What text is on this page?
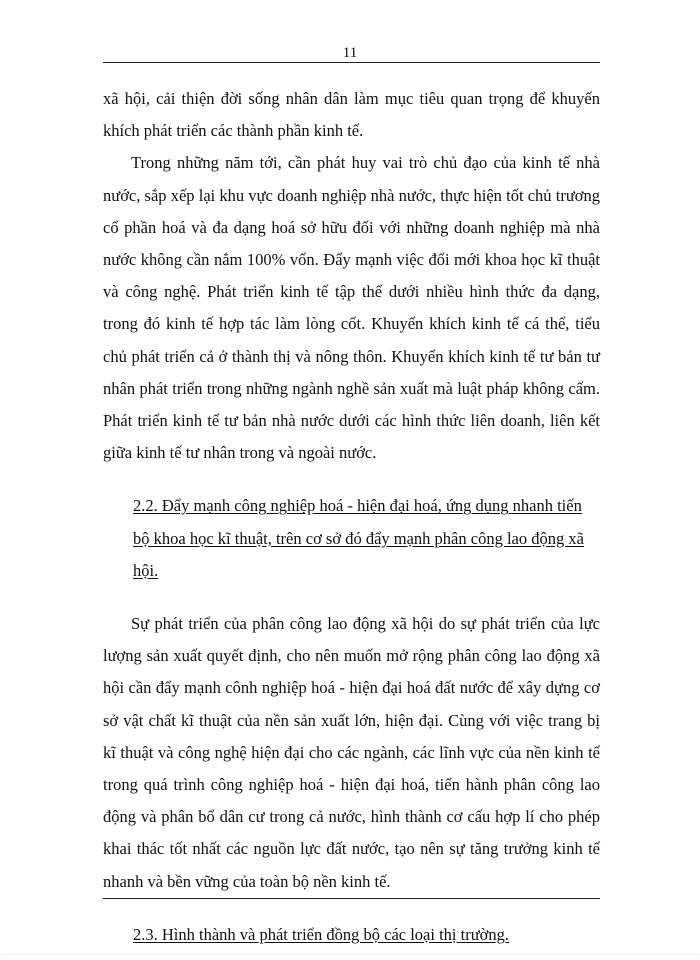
11

xã hội, cải thiện đời sống nhân dân làm mục tiêu quan trọng để khuyến khích phát triển các thành phần kinh tế.

Trong những năm tới, cần phát huy vai trò chủ đạo của kinh tế nhà nước, sắp xếp lại khu vực doanh nghiệp nhà nước, thực hiện tốt chủ trương cổ phần hoá và đa dạng hoá sở hữu đối với những doanh nghiệp mà nhà nước không cần nắm 100% vốn. Đẩy mạnh việc đổi mới khoa học kĩ thuật và công nghệ. Phát triển kinh tế tập thể dưới nhiều hình thức đa dạng, trong đó kinh tế hợp tác làm lòng cốt. Khuyến khích kinh tế cá thể, tiểu chủ phát triển cả ở thành thị và nông thôn. Khuyến khích kinh tế tư bản tư nhân phát triển trong những ngành nghề sản xuất mà luật pháp không cấm. Phát triển kinh tế tư bản nhà nước dưới các hình thức liên doanh, liên kết giữa kinh tế tư nhân trong và ngoài nước.

2.2. Đẩy mạnh công nghiệp hoá - hiện đại hoá, ứng dụng nhanh tiến bộ khoa học kĩ thuật, trên cơ sở đó đẩy mạnh phân công lao động xã hội.

Sự phát triển của phân công lao động xã hội do sự phát triển của lực lượng sản xuất quyết định, cho nên muốn mở rộng phân công lao động xã hội cần đẩy mạnh cônh nghiệp hoá - hiện đại hoá đất nước để xây dựng cơ sở vật chất kĩ thuật của nền sản xuất lớn, hiện đại. Cùng với việc trang bị kĩ thuật và công nghệ hiện đại cho các ngành, các lĩnh vực của nền kinh tế trong quá trình công nghiệp hoá - hiện đại hoá, tiến hành phân công lao động và phân bổ dân cư trong cả nước, hình thành cơ cấu hợp lí cho phép khai thác tốt nhất các nguồn lực đất nước, tạo nên sự tăng trưởng kinh tế nhanh và bền vững của toàn bộ nền kinh tế.

2.3. Hình thành và phát triển đồng bộ các loại thị trường.
